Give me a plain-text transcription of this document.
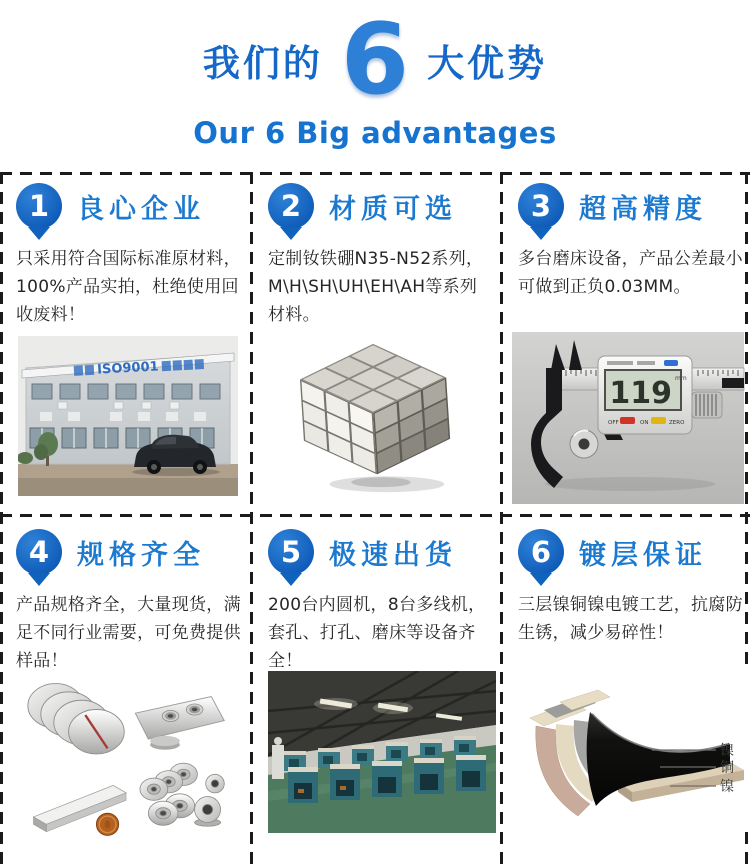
我们的 6 大优势
Our 6 Big advantages
1 良心企业
只采用符合国际标准原材料，100%产品实拍，杜绝使用回收废料！
ISO9001
2 材质可选
定制钕铁硼N35-N52系列，M\H\SH\UH\EH\AH等系列材料。
3 超高精度
多台磨床设备，产品公差最小可做到正负0.03MM。
119 mm
OFF	ON	ZERO
4 规格齐全
产品规格齐全，大量现货，满足不同行业需要，可免费提供样品！
5 极速出货
200台内圆机，8台多线机，套孔、打孔、磨床等设备齐全！
6 镀层保证
三层镍铜镍电镀工艺，抗腐防生锈，减少易碎性！
镍
铜
镍
